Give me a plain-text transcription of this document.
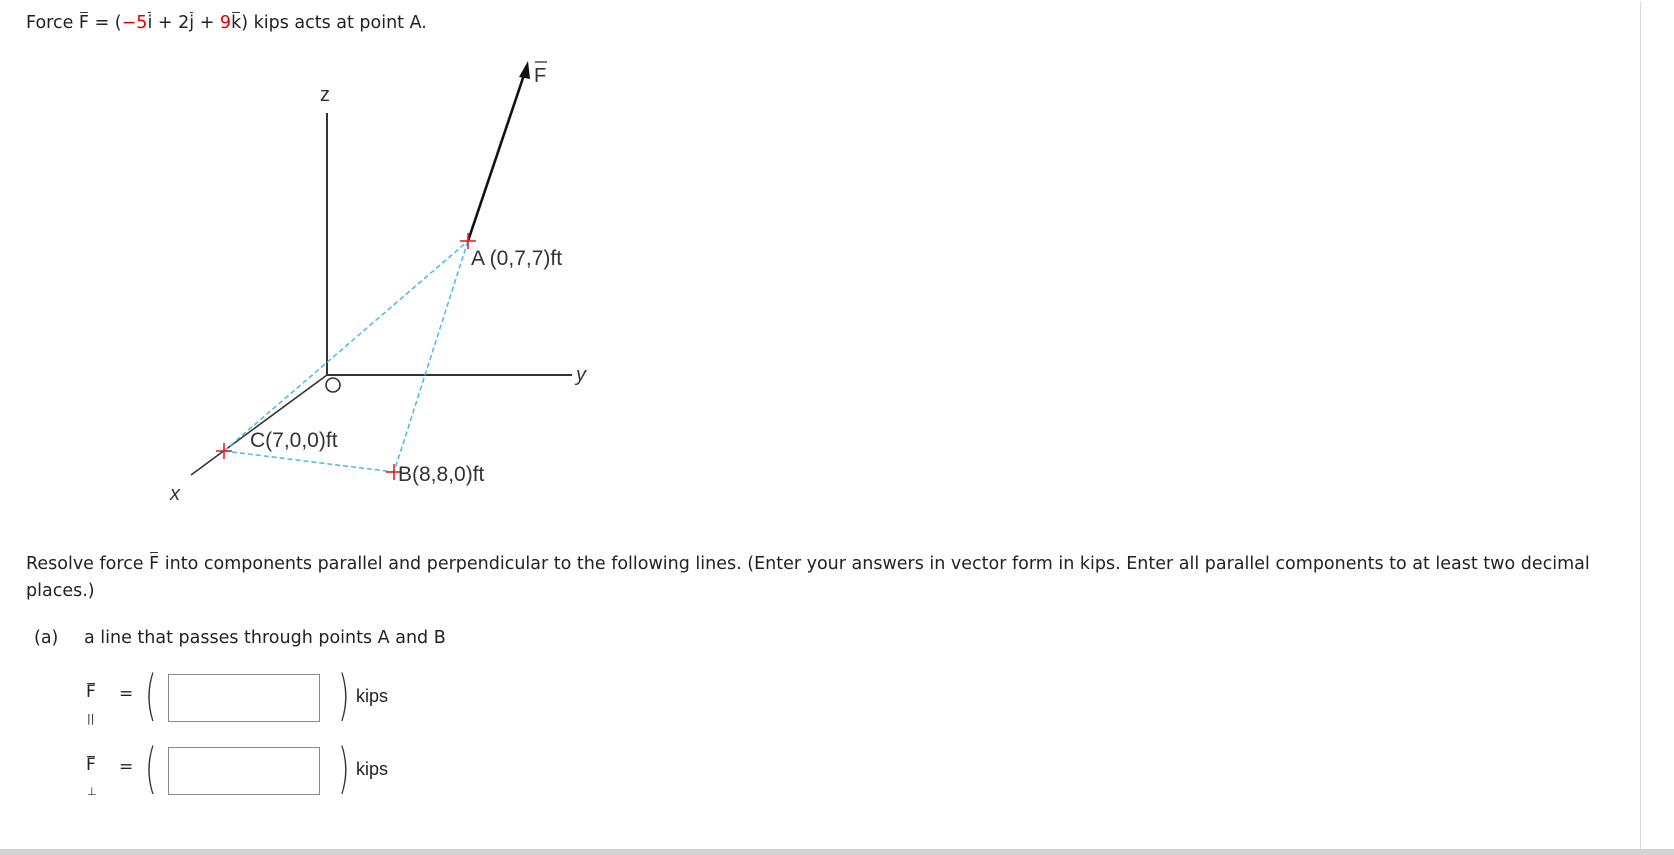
Force F = (−5i + 2j + 9k) kips acts at point A.
z
y
x
F
A (0,7,7)ft
C(7,0,0)ft
B(8,8,0)ft
Resolve force F into components parallel and perpendicular to the following lines. (Enter your answers in vector form in kips. Enter all parallel components to at least two decimal places.)
(a) a line that passes through points A and B
$F_{||}$
= (	) kips
$F_\perp$
= (	) kips
